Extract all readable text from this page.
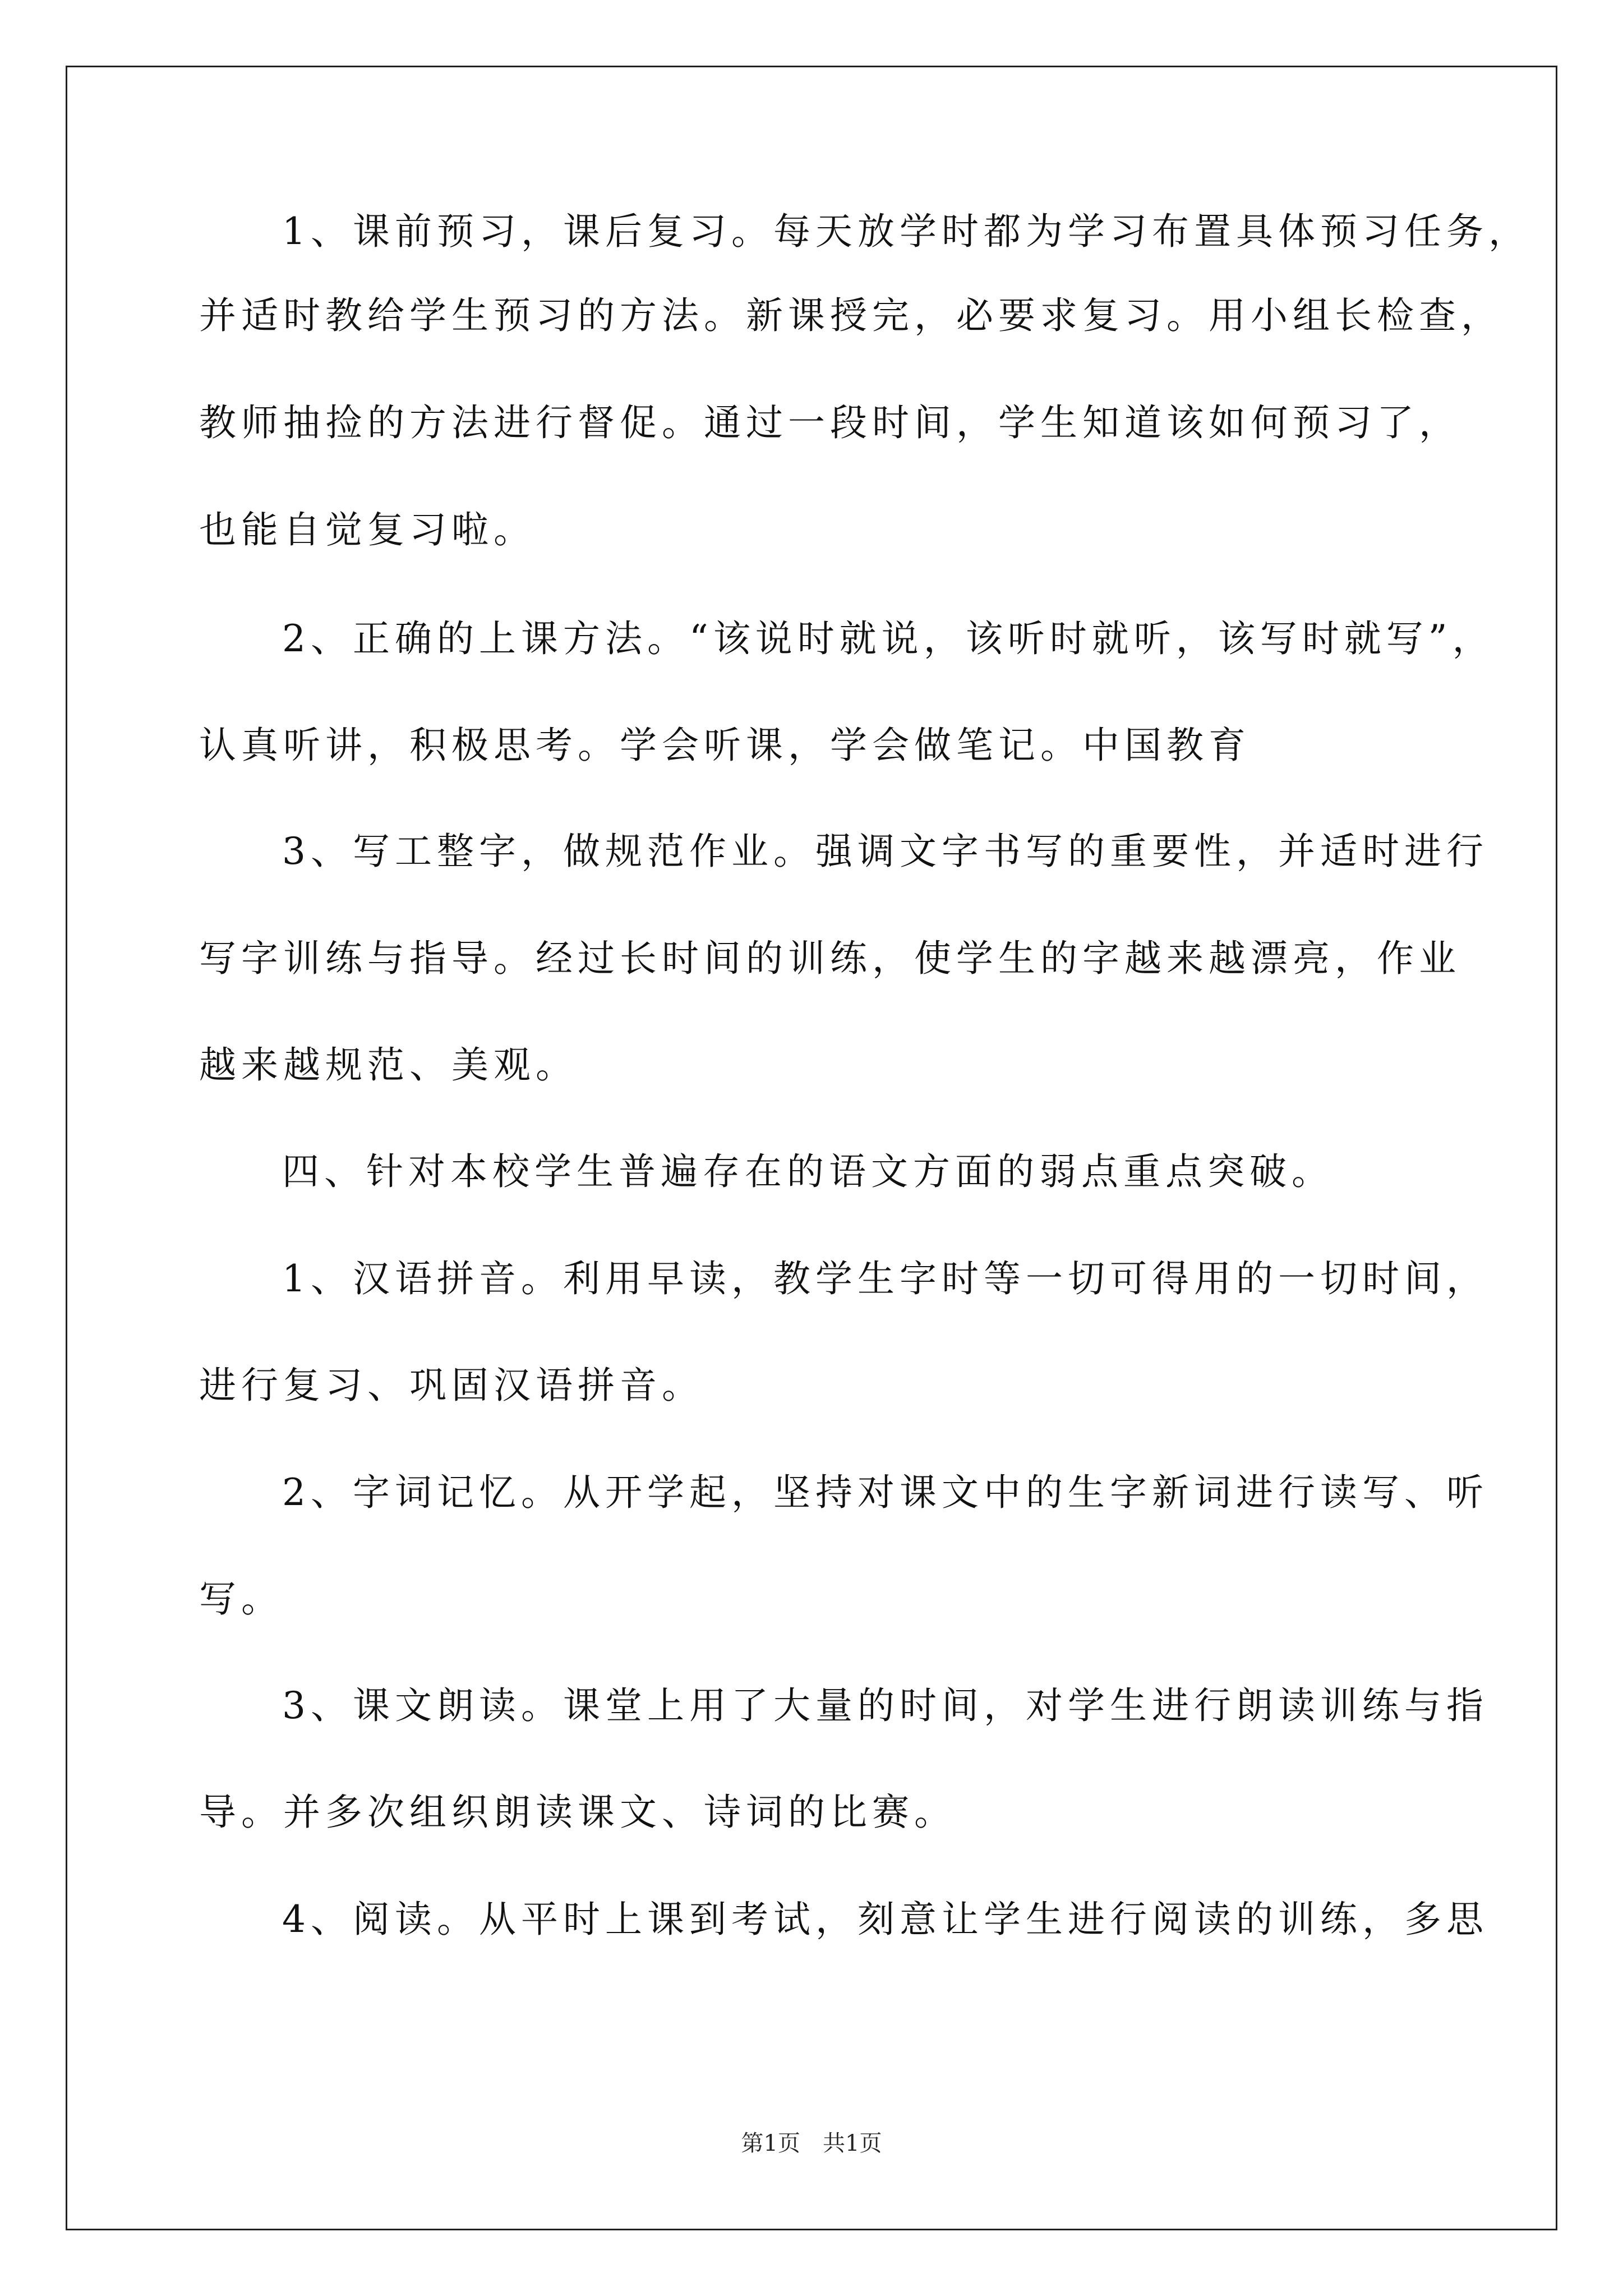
1、课前预习，课后复习。每天放学时都为学习布置具体预习任务，
并适时教给学生预习的方法。新课授完，必要求复习。用小组长检查，
教师抽捡的方法进行督促。通过一段时间，学生知道该如何预习了，
也能自觉复习啦。
2、正确的上课方法。“该说时就说，该听时就听，该写时就写”，
认真听讲，积极思考。学会听课，学会做笔记。中国教育
3、写工整字，做规范作业。强调文字书写的重要性，并适时进行
写字训练与指导。经过长时间的训练，使学生的字越来越漂亮，作业
越来越规范、美观。
四、针对本校学生普遍存在的语文方面的弱点重点突破。
1、汉语拼音。利用早读，教学生字时等一切可得用的一切时间，
进行复习、巩固汉语拼音。
2、字词记忆。从开学起，坚持对课文中的生字新词进行读写、听
写。
3、课文朗读。课堂上用了大量的时间，对学生进行朗读训练与指
导。并多次组织朗读课文、诗词的比赛。
4、阅读。从平时上课到考试，刻意让学生进行阅读的训练，多思
第1页　共1页
